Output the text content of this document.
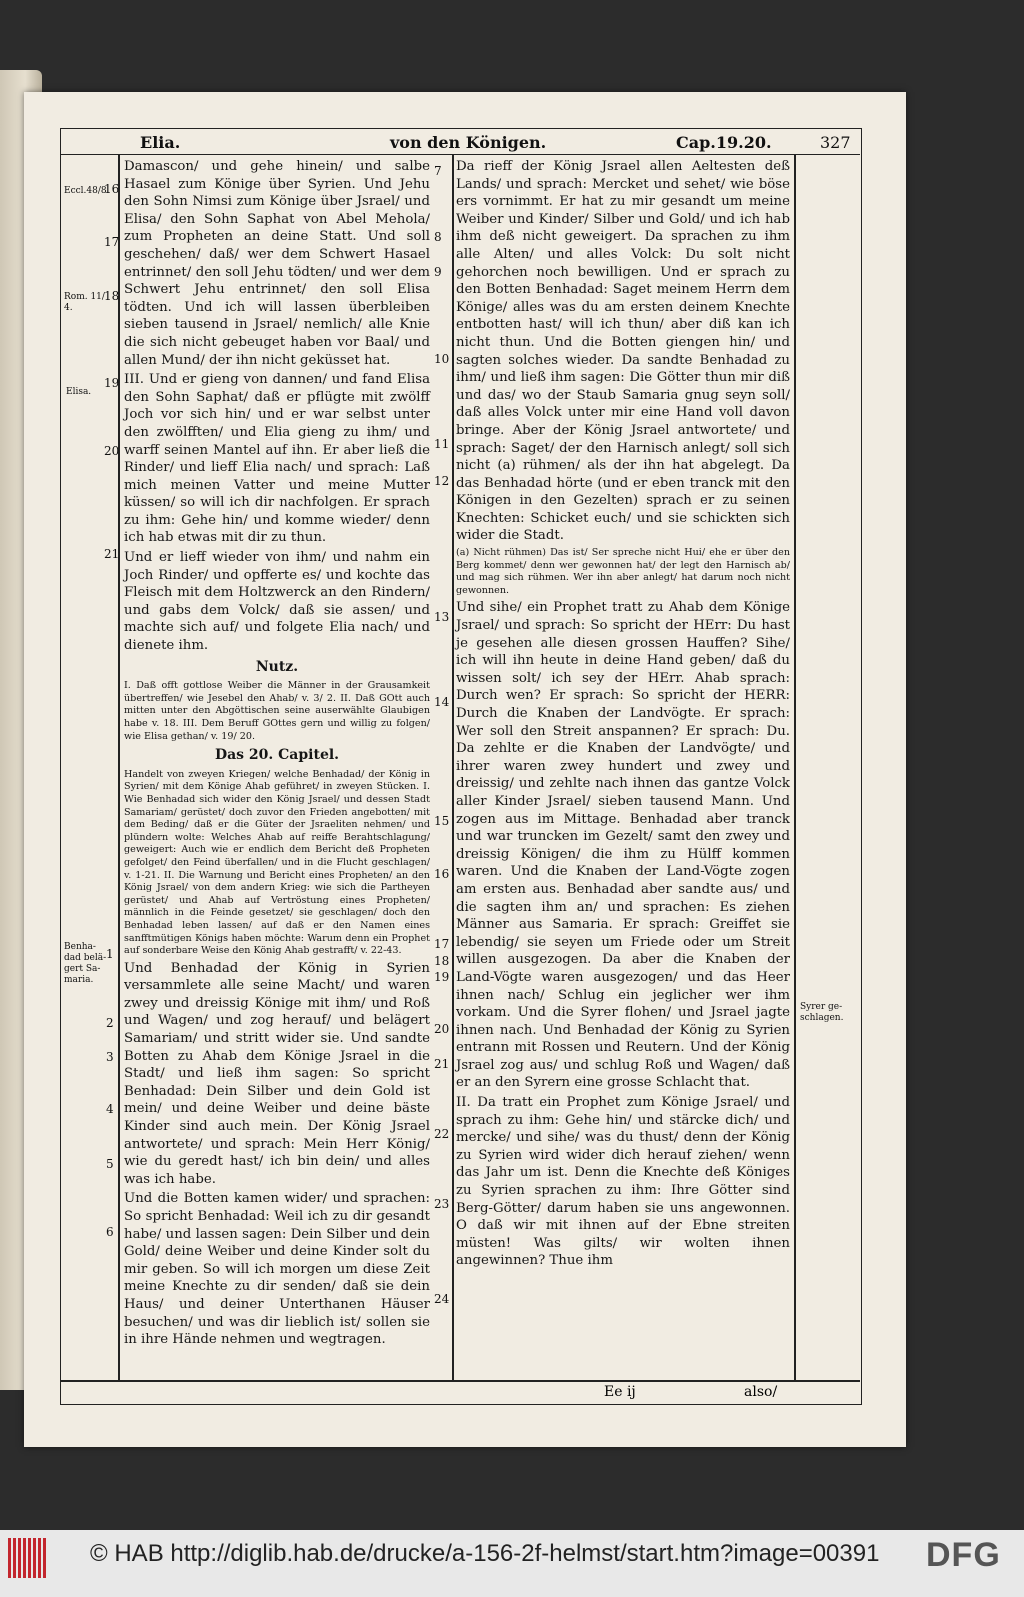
Elia.	von den Königen.	Cap.19.20.	327
Eccl.48/8.
Rom. 11/ 4.
Elisa.
Benha- dad belä- gert Sa- maria.
Syrer ge- schlagen.
16
17
18
19
20
21
1
2
3
4
5
6
7
8
9
10
11
12
13
14
15
16
17
18
19
20
21
22
23
24

Damascon/ und gehe hinein/ und salbe Hasael zum Könige über Syrien. Und Jehu den Sohn Nimsi zum Könige über Jsrael/ und Elisa/ den Sohn Saphat von Abel Mehola/ zum Propheten an deine Statt. Und soll geschehen/ daß/ wer dem Schwert Hasael entrinnet/ den soll Jehu tödten/ und wer dem Schwert Jehu entrinnet/ den soll Elisa tödten. Und ich will lassen überbleiben sieben tausend in Jsrael/ nemlich/ alle Knie die sich nicht gebeuget haben vor Baal/ und allen Mund/ der ihn nicht geküsset hat.

III. Und er gieng von dannen/ und fand Elisa den Sohn Saphat/ daß er pflügte mit zwölff Joch vor sich hin/ und er war selbst unter den zwölfften/ und Elia gieng zu ihm/ und warff seinen Mantel auf ihn. Er aber ließ die Rinder/ und lieff Elia nach/ und sprach: Laß mich meinen Vatter und meine Mutter küssen/ so will ich dir nachfolgen. Er sprach zu ihm: Gehe hin/ und komme wieder/ denn ich hab etwas mit dir zu thun.

Und er lieff wieder von ihm/ und nahm ein Joch Rinder/ und opfferte es/ und kochte das Fleisch mit dem Holtzwerck an den Rindern/ und gabs dem Volck/ daß sie assen/ und machte sich auf/ und folgete Elia nach/ und dienete ihm.

Nutz.

I. Daß offt gottlose Weiber die Männer in der Grausamkeit übertreffen/ wie Jesebel den Ahab/ v. 3/ 2. II. Daß GOtt auch mitten unter den Abgöttischen seine auserwählte Glaubigen habe v. 18. III. Dem Beruff GOttes gern und willig zu folgen/ wie Elisa gethan/ v. 19/ 20.

Das 20. Capitel.

Handelt von zweyen Kriegen/ welche Benhadad/ der König in Syrien/ mit dem Könige Ahab geführet/ in zweyen Stücken. I. Wie Benhadad sich wider den König Jsrael/ und dessen Stadt Samariam/ gerüstet/ doch zuvor den Frieden angebotten/ mit dem Beding/ daß er die Güter der Jsraeliten nehmen/ und plündern wolte: Welches Ahab auf reiffe Berahtschlagung/ geweigert: Auch wie er endlich dem Bericht deß Propheten gefolget/ den Feind überfallen/ und in die Flucht geschlagen/ v. 1-21. II. Die Warnung und Bericht eines Propheten/ an den König Jsrael/ von dem andern Krieg: wie sich die Partheyen gerüstet/ und Ahab auf Vertröstung eines Propheten/ männlich in die Feinde gesetzet/ sie geschlagen/ doch den Benhadad leben lassen/ auf daß er den Namen eines sanfftmütigen Königs haben möchte: Warum denn ein Prophet auf sonderbare Weise den König Ahab gestrafft/ v. 22-43.

Und Benhadad der König in Syrien versammlete alle seine Macht/ und waren zwey und dreissig Könige mit ihm/ und Roß und Wagen/ und zog herauf/ und belägert Samariam/ und stritt wider sie. Und sandte Botten zu Ahab dem Könige Jsrael in die Stadt/ und ließ ihm sagen: So spricht Benhadad: Dein Silber und dein Gold ist mein/ und deine Weiber und deine bäste Kinder sind auch mein. Der König Jsrael antwortete/ und sprach: Mein Herr König/ wie du geredt hast/ ich bin dein/ und alles was ich habe.

Und die Botten kamen wider/ und sprachen: So spricht Benhadad: Weil ich zu dir gesandt habe/ und lassen sagen: Dein Silber und dein Gold/ deine Weiber und deine Kinder solt du mir geben. So will ich morgen um diese Zeit meine Knechte zu dir senden/ daß sie dein Haus/ und deiner Unterthanen Häuser besuchen/ und was dir lieblich ist/ sollen sie in ihre Hände nehmen und wegtragen.

Da rieff der König Jsrael allen Aeltesten deß Lands/ und sprach: Mercket und sehet/ wie böse ers vornimmt. Er hat zu mir gesandt um meine Weiber und Kinder/ Silber und Gold/ und ich hab ihm deß nicht geweigert. Da sprachen zu ihm alle Alten/ und alles Volck: Du solt nicht gehorchen noch bewilligen. Und er sprach zu den Botten Benhadad: Saget meinem Herrn dem Könige/ alles was du am ersten deinem Knechte entbotten hast/ will ich thun/ aber diß kan ich nicht thun. Und die Botten giengen hin/ und sagten solches wieder. Da sandte Benhadad zu ihm/ und ließ ihm sagen: Die Götter thun mir diß und das/ wo der Staub Samaria gnug seyn soll/ daß alles Volck unter mir eine Hand voll davon bringe. Aber der König Jsrael antwortete/ und sprach: Saget/ der den Harnisch anlegt/ soll sich nicht (a) rühmen/ als der ihn hat abgelegt. Da das Benhadad hörte (und er eben tranck mit den Königen in den Gezelten) sprach er zu seinen Knechten: Schicket euch/ und sie schickten sich wider die Stadt.

(a) Nicht rühmen) Das ist/ Ser spreche nicht Hui/ ehe er über den Berg kommet/ denn wer gewonnen hat/ der legt den Harnisch ab/ und mag sich rühmen. Wer ihn aber anlegt/ hat darum noch nicht gewonnen.

Und sihe/ ein Prophet tratt zu Ahab dem Könige Jsrael/ und sprach: So spricht der HErr: Du hast je gesehen alle diesen grossen Hauffen? Sihe/ ich will ihn heute in deine Hand geben/ daß du wissen solt/ ich sey der HErr. Ahab sprach: Durch wen? Er sprach: So spricht der HERR: Durch die Knaben der Landvögte. Er sprach: Wer soll den Streit anspannen? Er sprach: Du. Da zehlte er die Knaben der Landvögte/ und ihrer waren zwey hundert und zwey und dreissig/ und zehlte nach ihnen das gantze Volck aller Kinder Jsrael/ sieben tausend Mann. Und zogen aus im Mittage. Benhadad aber tranck und war truncken im Gezelt/ samt den zwey und dreissig Königen/ die ihm zu Hülff kommen waren. Und die Knaben der Land-Vögte zogen am ersten aus. Benhadad aber sandte aus/ und die sagten ihm an/ und sprachen: Es ziehen Männer aus Samaria. Er sprach: Greiffet sie lebendig/ sie seyen um Friede oder um Streit willen ausgezogen. Da aber die Knaben der Land-Vögte waren ausgezogen/ und das Heer ihnen nach/ Schlug ein jeglicher wer ihm vorkam. Und die Syrer flohen/ und Jsrael jagte ihnen nach. Und Benhadad der König zu Syrien entrann mit Rossen und Reutern. Und der König Jsrael zog aus/ und schlug Roß und Wagen/ daß er an den Syrern eine grosse Schlacht that.

II. Da tratt ein Prophet zum Könige Jsrael/ und sprach zu ihm: Gehe hin/ und stärcke dich/ und mercke/ und sihe/ was du thust/ denn der König zu Syrien wird wider dich herauf ziehen/ wenn das Jahr um ist. Denn die Knechte deß Königes zu Syrien sprachen zu ihm: Ihre Götter sind Berg-Götter/ darum haben sie uns angewonnen. O daß wir mit ihnen auf der Ebne streiten müsten! Was gilts/ wir wolten ihnen angewinnen? Thue ihm

Ee ij	also/
© HAB http://diglib.hab.de/drucke/a-156-2f-helmst/start.htm?image=00391 DFG
